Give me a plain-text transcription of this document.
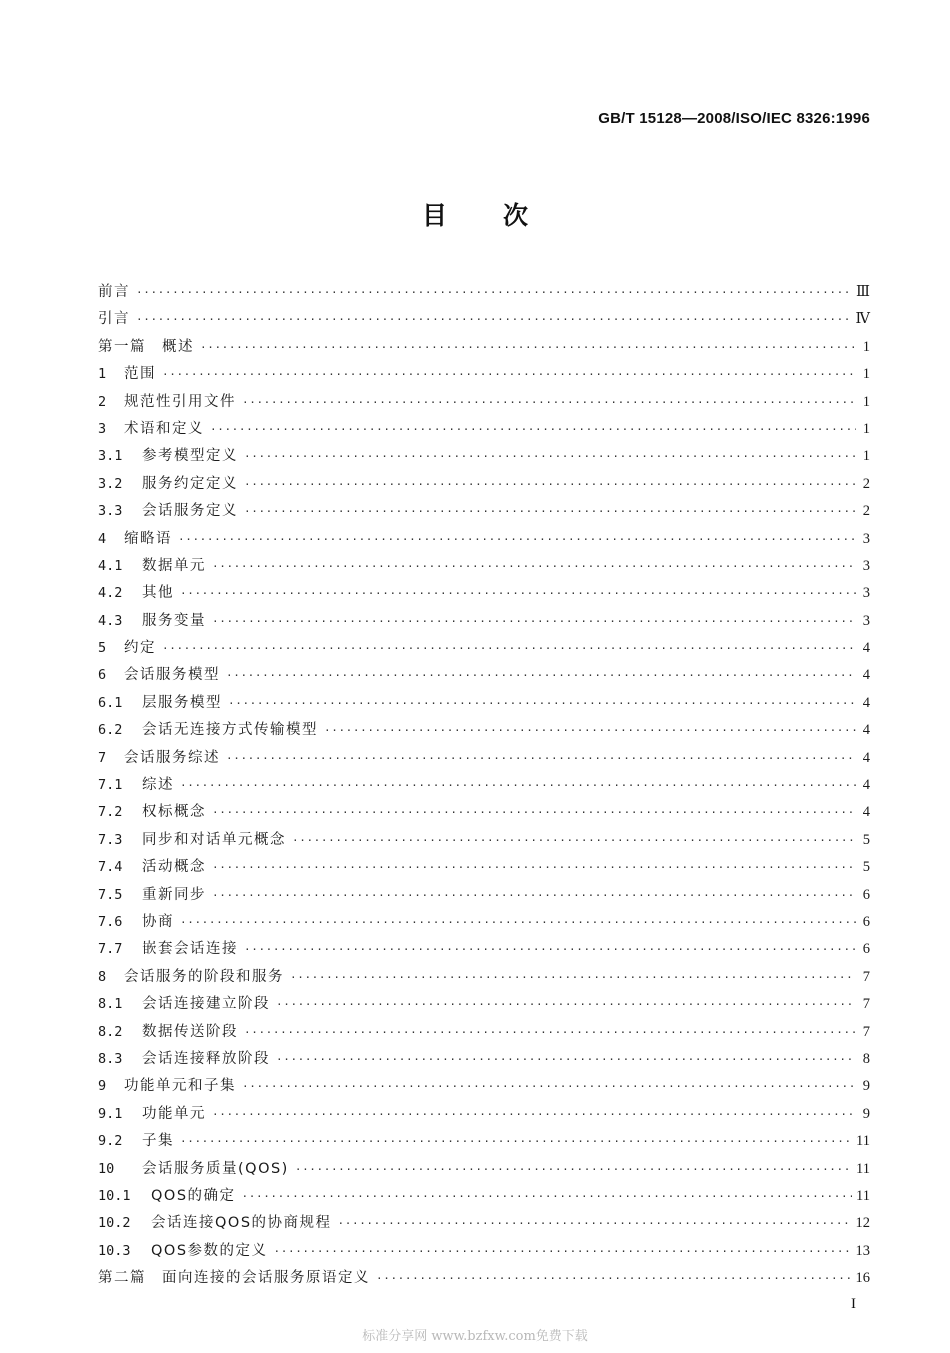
GB/T 15128—2008/ISO/IEC 8326:1996
目 次
前言 ·····	Ⅲ
引言 ·····	Ⅳ
第一篇　概述 ·····	1
1	范围 ·····	1
2	规范性引用文件 ·····	1
3	术语和定义 ·····	1
3.1	参考模型定义 ·····	1
3.2	服务约定定义 ·····	2
3.3	会话服务定义 ·····	2
4	缩略语 ·····	3
4.1	数据单元 ·····	3
4.2	其他 ·····	3
4.3	服务变量 ·····	3
5	约定 ·····	4
6	会话服务模型 ·····	4
6.1	层服务模型 ·····	4
6.2	会话无连接方式传输模型 ·····	4
7	会话服务综述 ·····	4
7.1	综述 ·····	4
7.2	权标概念 ·····	4
7.3	同步和对话单元概念 ·····	5
7.4	活动概念 ·····	5
7.5	重新同步 ·····	6
7.6	协商 ·····	6
7.7	嵌套会话连接 ·····	6
8	会话服务的阶段和服务 ·····	7
8.1	会话连接建立阶段 ·····	7
8.2	数据传送阶段 ·····	7
8.3	会话连接释放阶段 ·····	8
9	功能单元和子集 ·····	9
9.1	功能单元 ·····	9
9.2	子集 ·····	11
10	会话服务质量(QOS) ·····	11
10.1	QOS的确定 ·····	11
10.2	会话连接QOS的协商规程 ·····	12
10.3	QOS参数的定义 ·····	13
第二篇　面向连接的会话服务原语定义 ·····	16
I
标准分享网 www.bzfxw.com免费下载
